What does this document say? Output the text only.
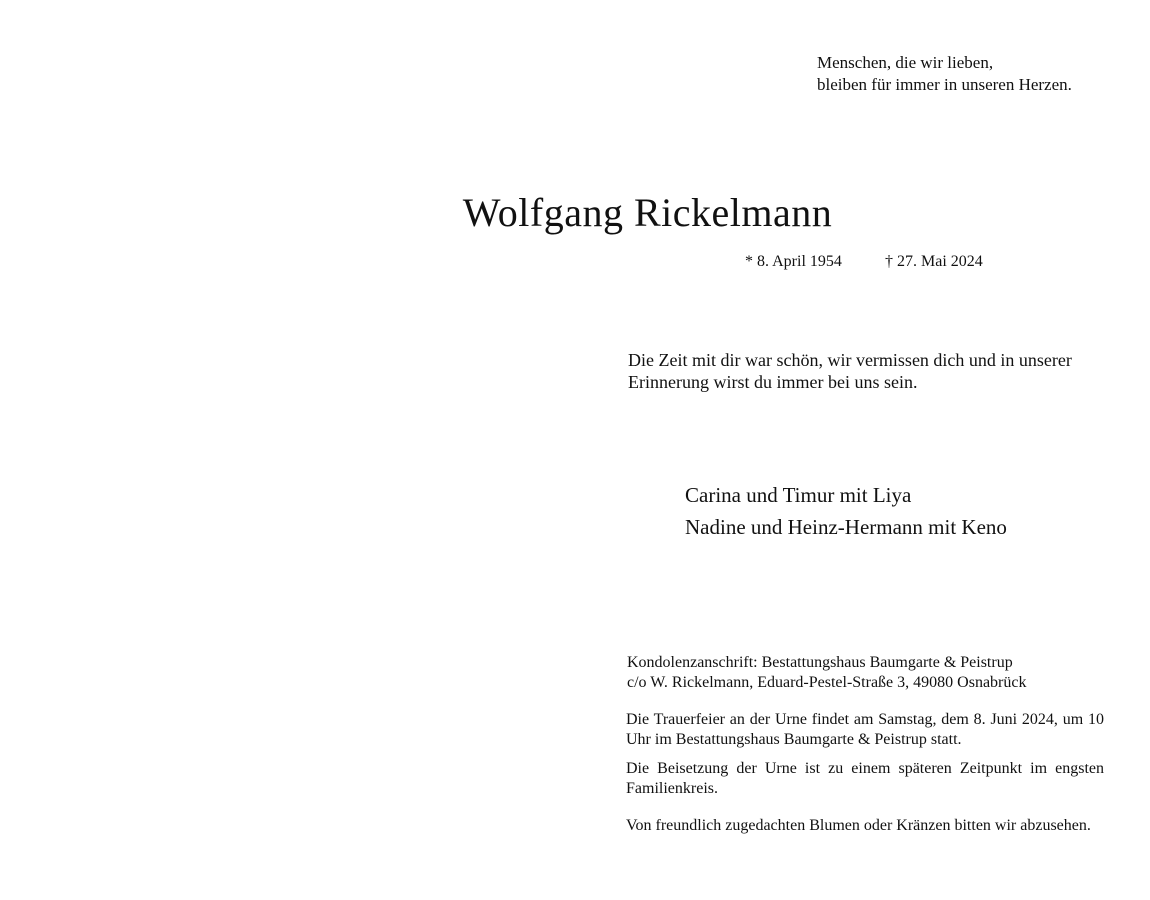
Menschen, die wir lieben,
bleiben für immer in unseren Herzen.
Wolfgang Rickelmann
* 8. April 1954	† 27. Mai 2024
Die Zeit mit dir war schön, wir vermissen dich und in unserer Erinnerung wirst du immer bei uns sein.
Carina und Timur mit Liya
Nadine und Heinz-Hermann mit Keno
Kondolenzanschrift: Bestattungshaus Baumgarte & Peistrup
c/o W. Rickelmann, Eduard-Pestel-Straße 3, 49080 Osnabrück

Die Trauerfeier an der Urne findet am Samstag, dem 8. Juni 2024, um 10 Uhr im Bestattungshaus Baumgarte & Peistrup statt.

Die Beisetzung der Urne ist zu einem späteren Zeitpunkt im engsten Familienkreis.

Von freundlich zugedachten Blumen oder Kränzen bitten wir abzusehen.
